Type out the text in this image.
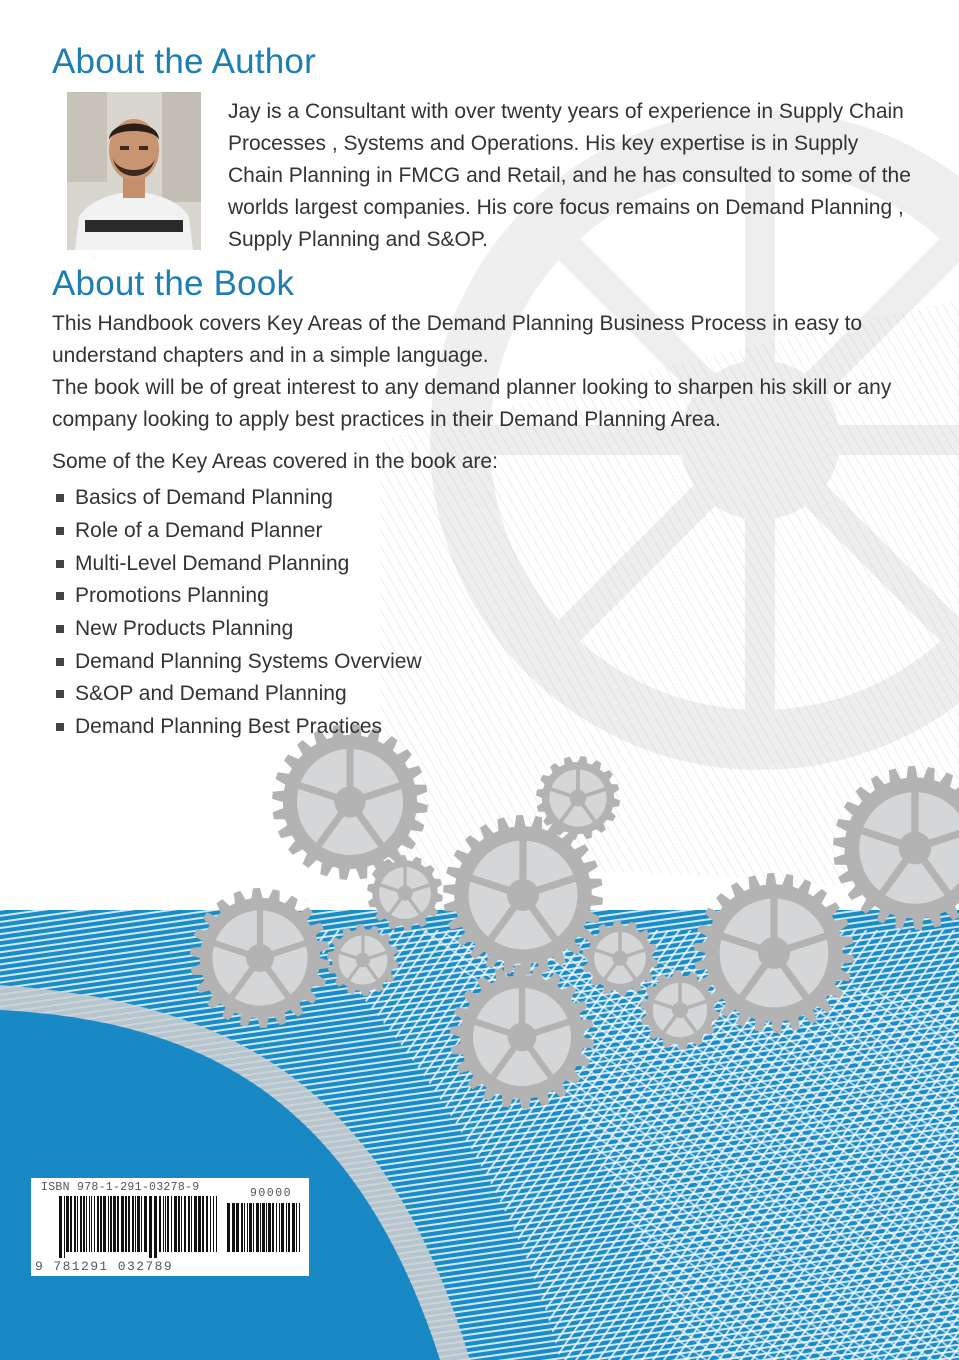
About the Author

Jay is a Consultant with over twenty years of experience in Supply Chain Processes , Systems and Operations. His key expertise is in Supply Chain Planning in FMCG and Retail, and he has consulted to some of the worlds largest companies. His core focus remains on Demand Planning , Supply Planning and S&OP.

About the Book
This Handbook covers Key Areas of the Demand Planning Business Process in easy to understand chapters and in a simple language.
The book will be of great interest to any demand planner looking to sharpen his skill or any company looking to apply best practices in their Demand Planning Area.

Some of the Key Areas covered in the book are:

Basics of Demand Planning
Role of a Demand Planner
Multi-Level Demand Planning
Promotions Planning
New Products Planning
Demand Planning Systems Overview
S&OP and Demand Planning
Demand Planning Best Practices
ISBN 978-1-291-03278-9	90000
9 781291 032789
